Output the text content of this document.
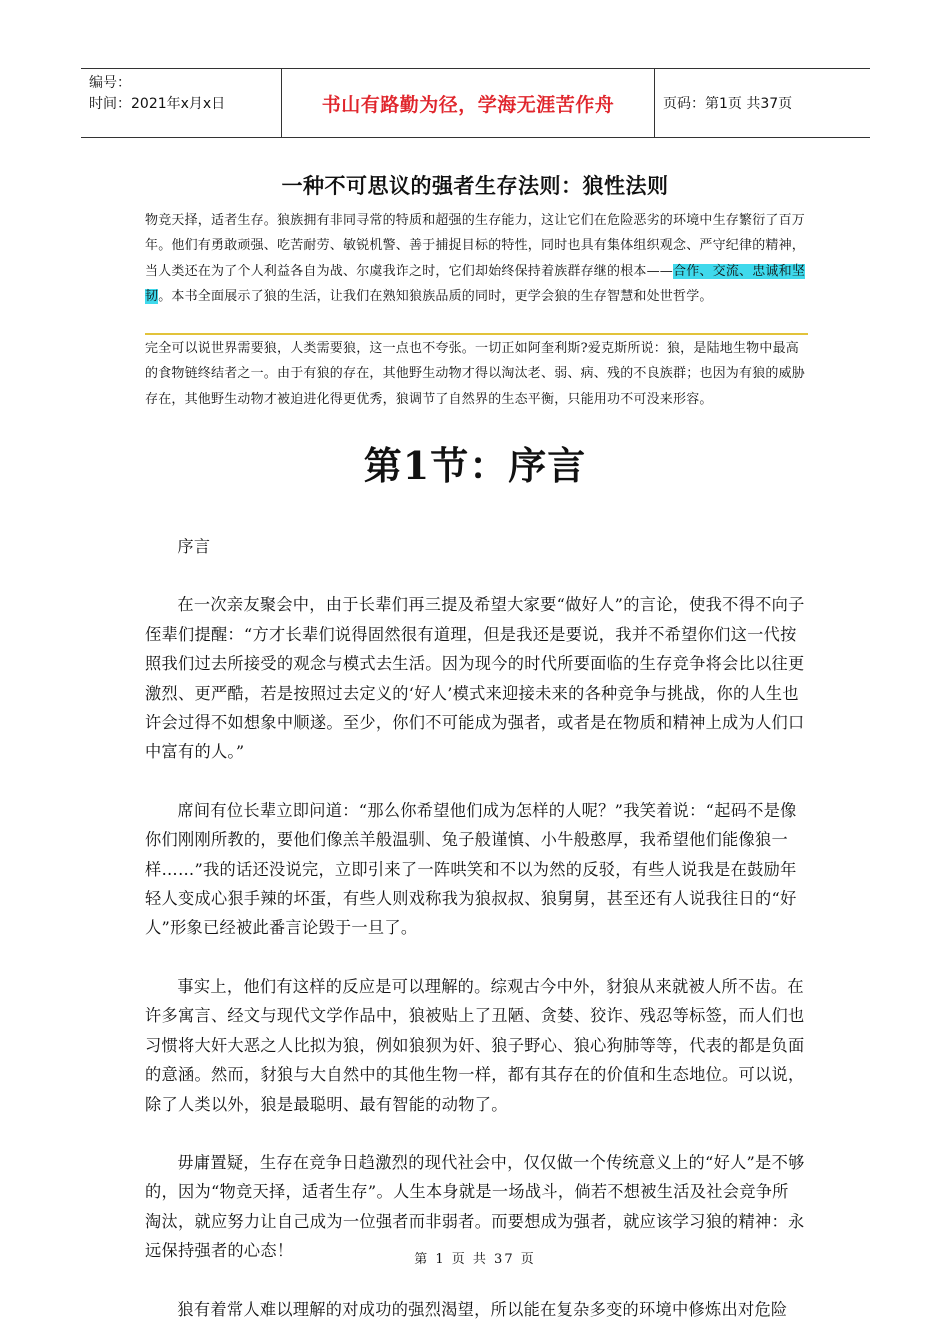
编号：
时间：2021年x月x日	书山有路勤为径，学海无涯苦作舟	页码：第1页 共37页
一种不可思议的强者生存法则：狼性法则
物竞天择，适者生存。狼族拥有非同寻常的特质和超强的生存能力，这让它们在危险恶劣的环境中生存繁衍了百万年。他们有勇敢顽强、吃苦耐劳、敏锐机警、善于捕捉目标的特性，同时也具有集体组织观念、严守纪律的精神，当人类还在为了个人利益各自为战、尔虞我诈之时，它们却始终保持着族群存继的根本——合作、交流、忠诚和坚韧。本书全面展示了狼的生活，让我们在熟知狼族品质的同时，更学会狼的生存智慧和处世哲学。
完全可以说世界需要狼，人类需要狼，这一点也不夸张。一切正如阿奎利斯?爱克斯所说：狼，是陆地生物中最高的食物链终结者之一。由于有狼的存在，其他野生动物才得以淘汰老、弱、病、残的不良族群；也因为有狼的威胁存在，其他野生动物才被迫进化得更优秀，狼调节了自然界的生态平衡，只能用功不可没来形容。
第1节：序言

序言

在一次亲友聚会中，由于长辈们再三提及希望大家要“做好人”的言论，使我不得不向子侄辈们提醒：“方才长辈们说得固然很有道理，但是我还是要说，我并不希望你们这一代按照我们过去所接受的观念与模式去生活。因为现今的时代所要面临的生存竞争将会比以往更激烈、更严酷，若是按照过去定义的‘好人’模式来迎接未来的各种竞争与挑战，你的人生也许会过得不如想象中顺遂。至少，你们不可能成为强者，或者是在物质和精神上成为人们口中富有的人。”

席间有位长辈立即问道：“那么你希望他们成为怎样的人呢？”我笑着说：“起码不是像你们刚刚所教的，要他们像羔羊般温驯、兔子般谨慎、小牛般憨厚，我希望他们能像狼一样……”我的话还没说完，立即引来了一阵哄笑和不以为然的反驳，有些人说我是在鼓励年轻人变成心狠手辣的坏蛋，有些人则戏称我为狼叔叔、狼舅舅，甚至还有人说我往日的“好人”形象已经被此番言论毁于一旦了。

事实上，他们有这样的反应是可以理解的。综观古今中外，豺狼从来就被人所不齿。在许多寓言、经文与现代文学作品中，狼被贴上了丑陋、贪婪、狡诈、残忍等标签，而人们也习惯将大奸大恶之人比拟为狼，例如狼狈为奸、狼子野心、狼心狗肺等等，代表的都是负面的意涵。然而，豺狼与大自然中的其他生物一样，都有其存在的价值和生态地位。可以说，除了人类以外，狼是最聪明、最有智能的动物了。

毋庸置疑，生存在竞争日趋激烈的现代社会中，仅仅做一个传统意义上的“好人”是不够的，因为“物竞天择，适者生存”。人生本身就是一场战斗，倘若不想被生活及社会竞争所淘汰，就应努力让自己成为一位强者而非弱者。而要想成为强者，就应该学习狼的精神：永远保持强者的心态！

狼有着常人难以理解的对成功的强烈渴望，所以能在复杂多变的环境中修炼出对危险

第 1 页 共 37 页
